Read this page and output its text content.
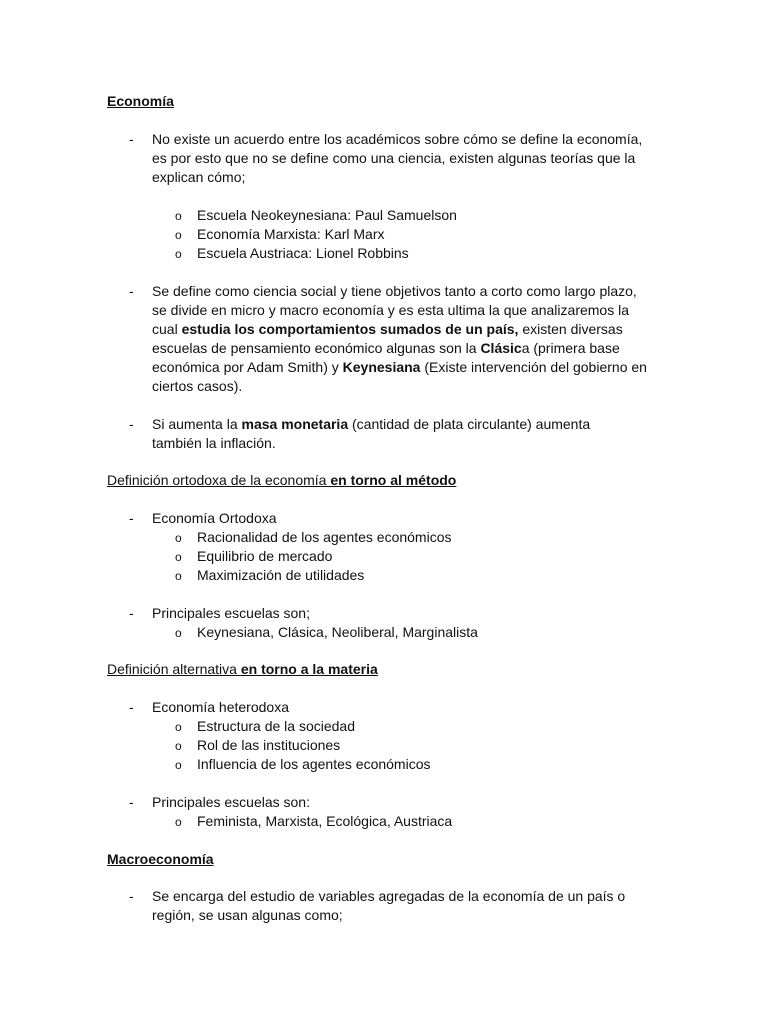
Economía
-	No existe un acuerdo entre los académicos sobre cómo se define la economía,
es por esto que no se define como una ciencia, existen algunas teorías que la
explican cómo;
o Escuela Neokeynesiana: Paul Samuelson
o Economía Marxista: Karl Marx
o Escuela Austriaca: Lionel Robbins
-	Se define como ciencia social y tiene objetivos tanto a corto como largo plazo,
se divide en micro y macro economía y es esta ultima la que analizaremos la
cual estudia los comportamientos sumados de un país, existen diversas
escuelas de pensamiento económico algunas son la Clásica (primera base
económica por Adam Smith) y Keynesiana (Existe intervención del gobierno en
ciertos casos).
-	Si aumenta la masa monetaria (cantidad de plata circulante) aumenta
también la inflación.
Definición ortodoxa de la economía en torno al método
-	Economía Ortodoxa
o Racionalidad de los agentes económicos
o Equilibrio de mercado
o Maximización de utilidades
-	Principales escuelas son;
o Keynesiana, Clásica, Neoliberal, Marginalista
Definición alternativa en torno a la materia
-	Economía heterodoxa
o Estructura de la sociedad
o Rol de las instituciones
o Influencia de los agentes económicos
-	Principales escuelas son:
o Feminista, Marxista, Ecológica, Austriaca
Macroeconomía
-	Se encarga del estudio de variables agregadas de la economía de un país o
región, se usan algunas como;
